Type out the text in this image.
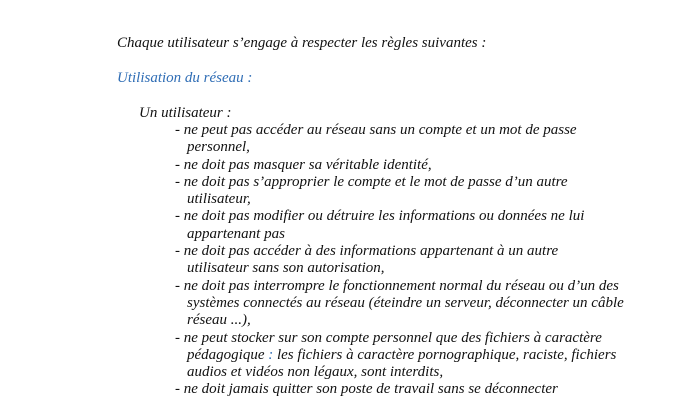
Chaque utilisateur s’engage à respecter les règles suivantes :
Utilisation du réseau :
Un utilisateur :
- ne peut pas accéder au réseau sans un compte et un mot de passe
personnel,
- ne doit pas masquer sa véritable identité,
- ne doit pas s’approprier le compte et le mot de passe d’un autre
utilisateur,
- ne doit pas modifier ou détruire les informations ou données ne lui
appartenant pas
- ne doit pas accéder à des informations appartenant à un autre
utilisateur sans son autorisation,
- ne doit pas interrompre le fonctionnement normal du réseau ou d’un des
systèmes connectés au réseau (éteindre un serveur, déconnecter un câble
réseau ...),
- ne peut stocker sur son compte personnel que des fichiers à caractère
pédagogique : les fichiers à caractère pornographique, raciste, fichiers
audios et vidéos non légaux, sont interdits,
- ne doit jamais quitter son poste de travail sans se déconnecter
